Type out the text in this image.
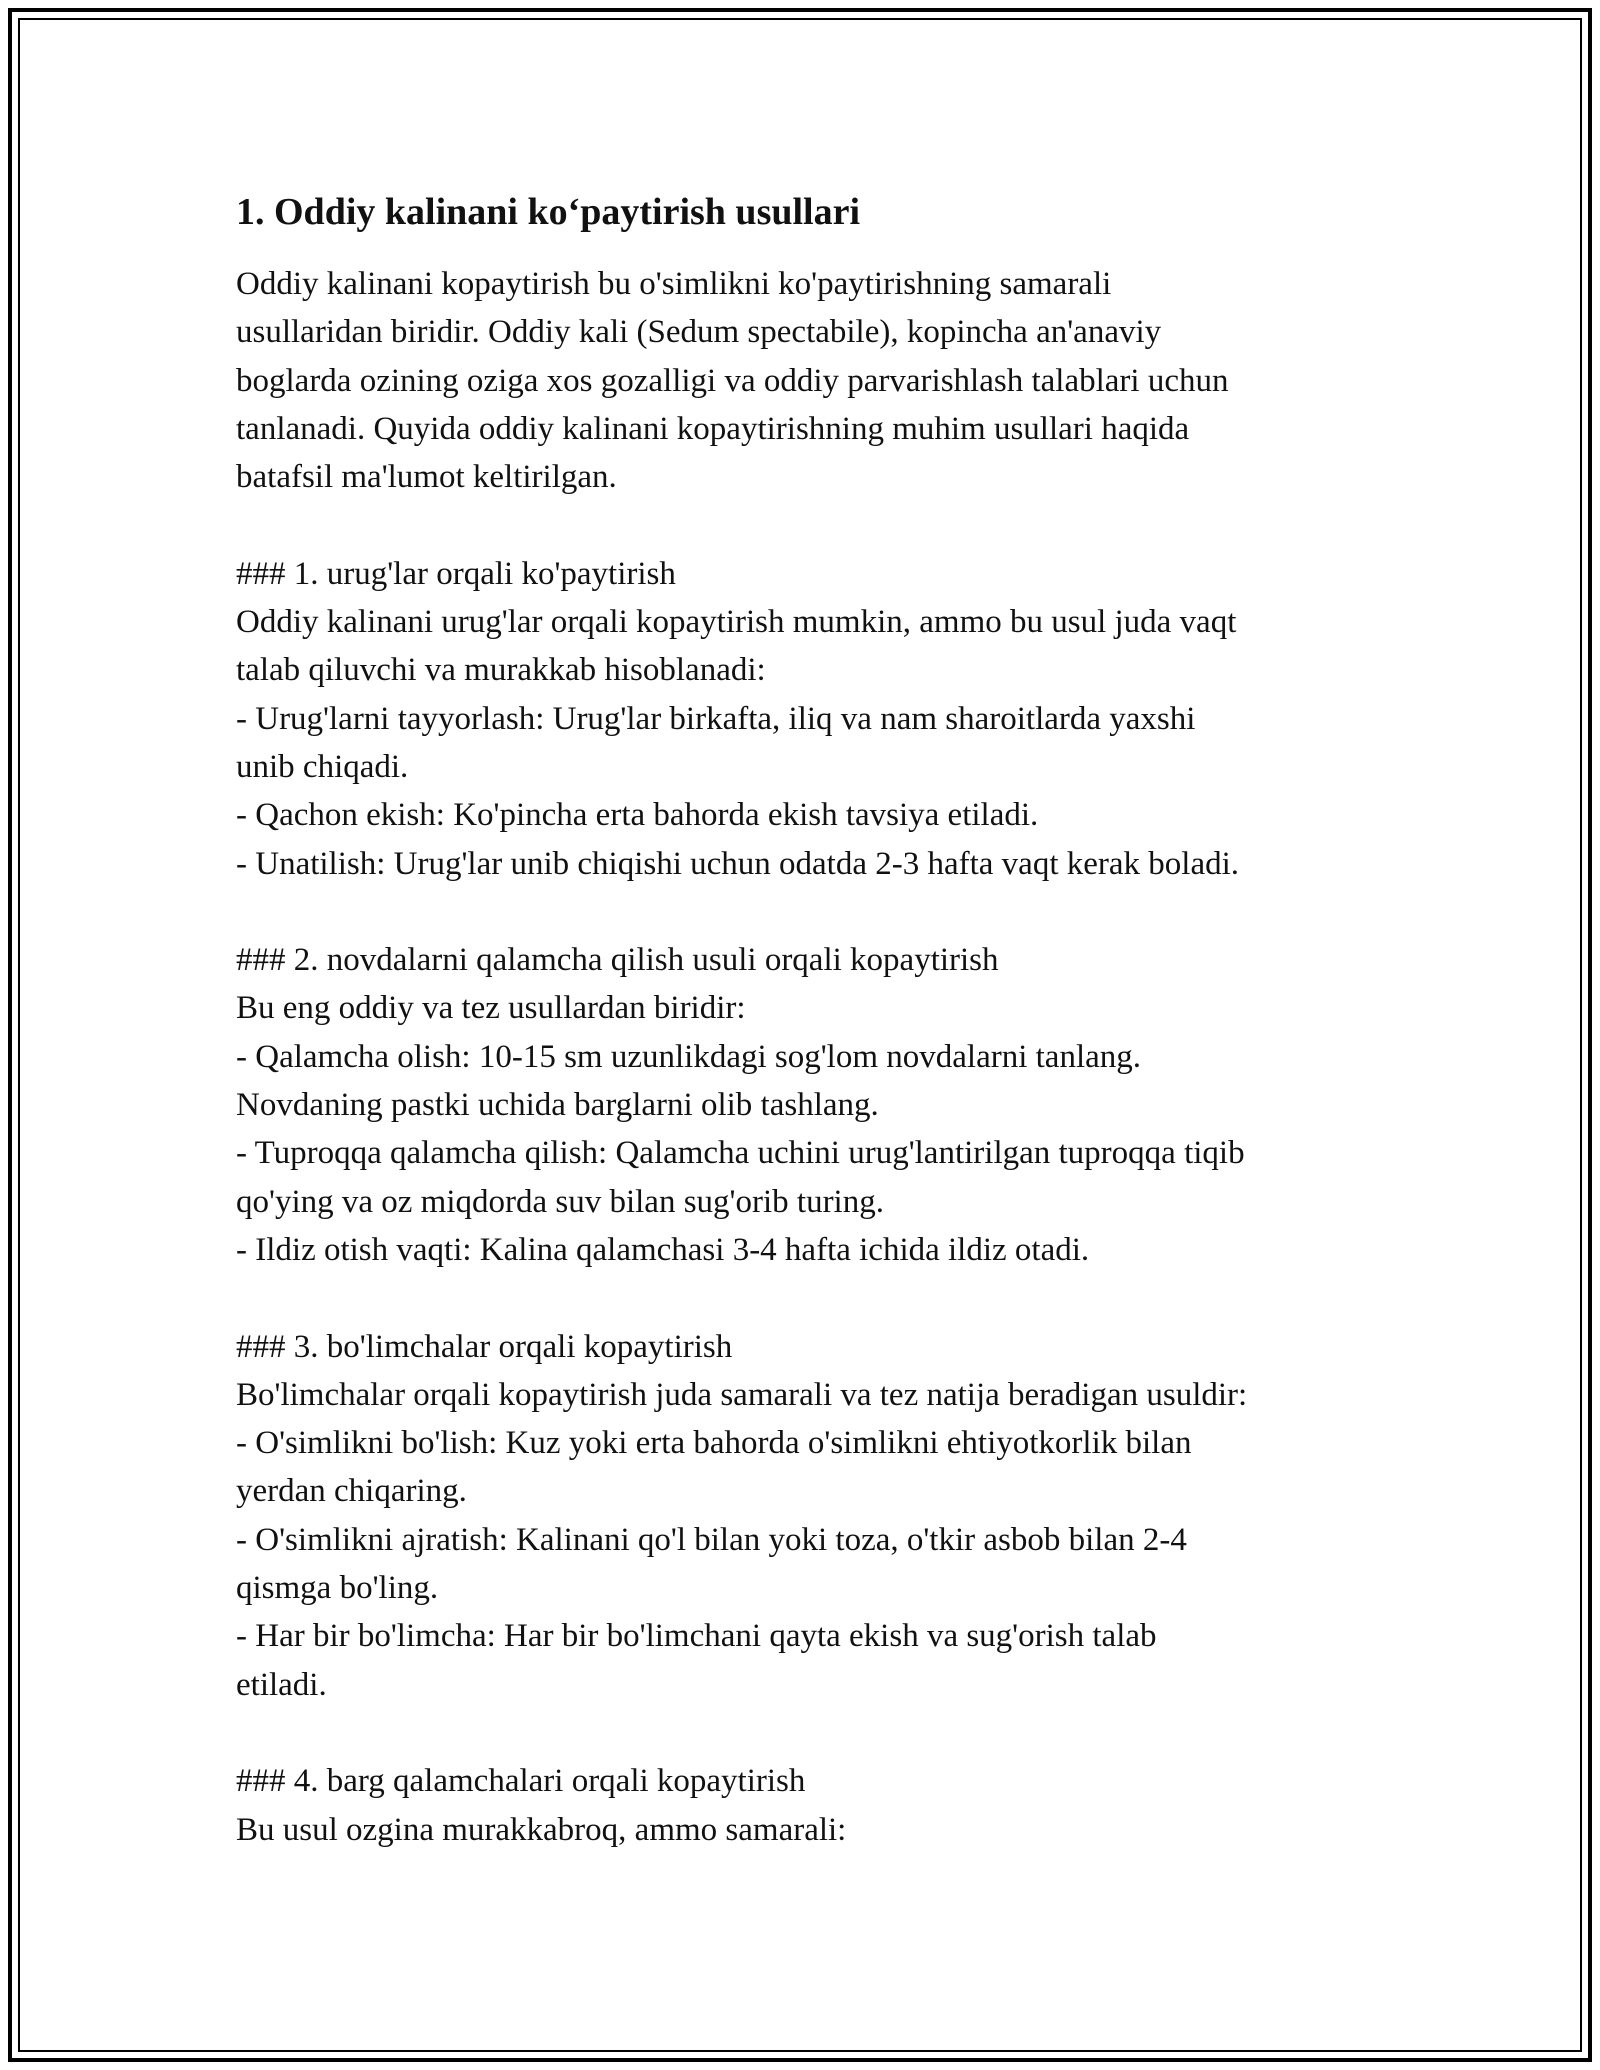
1. Oddiy kalinani ko‘paytirish usullari
Oddiy kalinani kopaytirish bu o'simlikni ko'paytirishning samarali
usullaridan biridir. Oddiy kali (Sedum spectabile), kopincha an'anaviy
boglarda ozining oziga xos gozalligi va oddiy parvarishlash talablari uchun
tanlanadi. Quyida oddiy kalinani kopaytirishning muhim usullari haqida
batafsil ma'lumot keltirilgan.
### 1. urug'lar orqali ko'paytirish
Oddiy kalinani urug'lar orqali kopaytirish mumkin, ammo bu usul juda vaqt
talab qiluvchi va murakkab hisoblanadi:
- Urug'larni tayyorlash: Urug'lar birkafta, iliq va nam sharoitlarda yaxshi
unib chiqadi.
- Qachon ekish: Ko'pincha erta bahorda ekish tavsiya etiladi.
- Unatilish: Urug'lar unib chiqishi uchun odatda 2-3 hafta vaqt kerak boladi.
### 2. novdalarni qalamcha qilish usuli orqali kopaytirish
Bu eng oddiy va tez usullardan biridir:
- Qalamcha olish: 10-15 sm uzunlikdagi sog'lom novdalarni tanlang.
Novdaning pastki uchida barglarni olib tashlang.
- Tuproqqa qalamcha qilish: Qalamcha uchini urug'lantirilgan tuproqqa tiqib
qo'ying va oz miqdorda suv bilan sug'orib turing.
- Ildiz otish vaqti: Kalina qalamchasi 3-4 hafta ichida ildiz otadi.
### 3. bo'limchalar orqali kopaytirish
Bo'limchalar orqali kopaytirish juda samarali va tez natija beradigan usuldir:
- O'simlikni bo'lish: Kuz yoki erta bahorda o'simlikni ehtiyotkorlik bilan
yerdan chiqaring.
- O'simlikni ajratish: Kalinani qo'l bilan yoki toza, o'tkir asbob bilan 2-4
qismga bo'ling.
- Har bir bo'limcha: Har bir bo'limchani qayta ekish va sug'orish talab
etiladi.
### 4. barg qalamchalari orqali kopaytirish
Bu usul ozgina murakkabroq, ammo samarali:
